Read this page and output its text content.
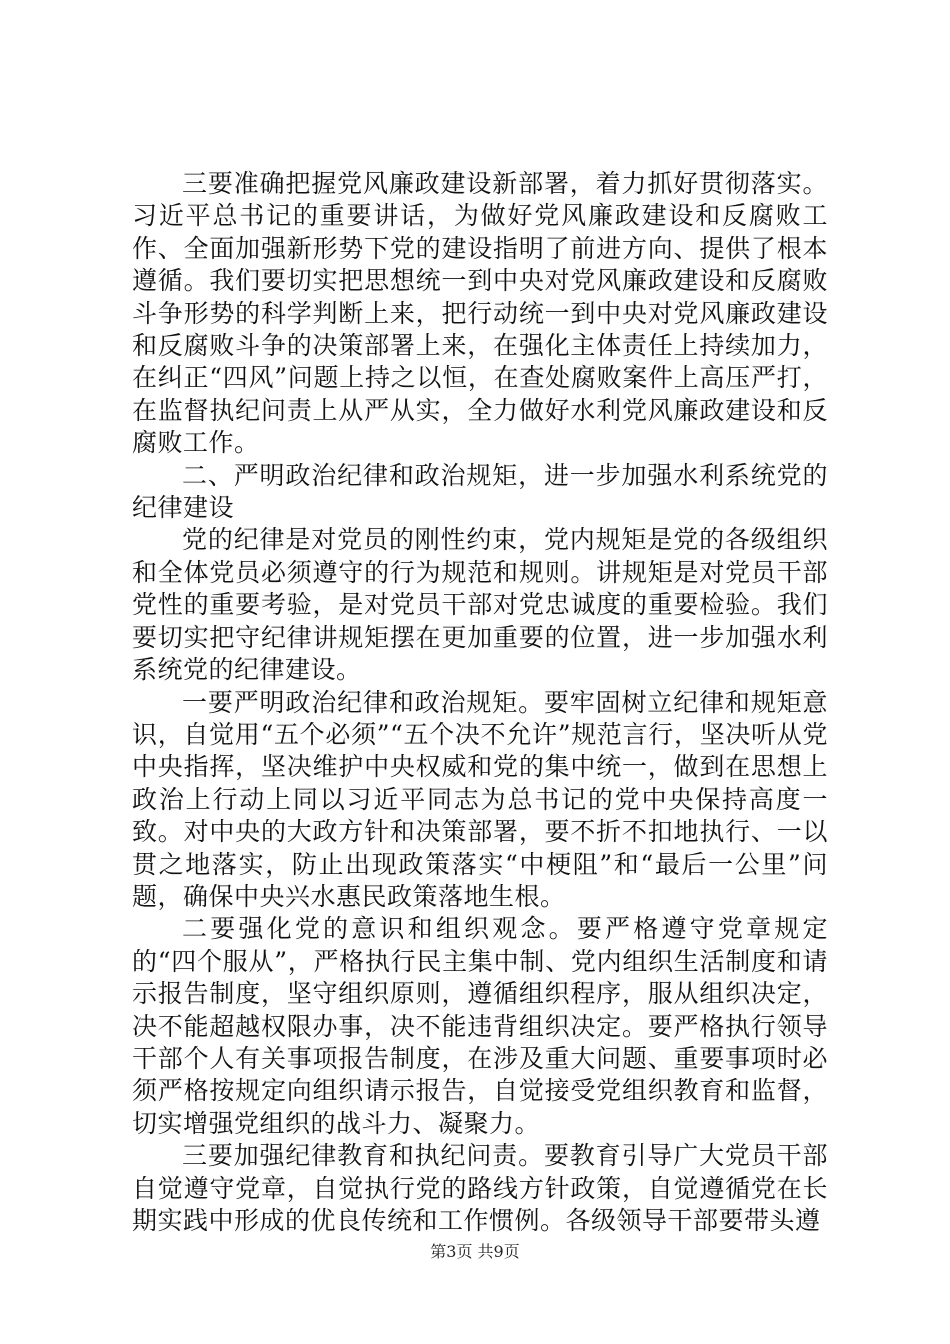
三要准确把握党风廉政建设新部署，着力抓好贯彻落实。习近平总书记的重要讲话，为做好党风廉政建设和反腐败工作、全面加强新形势下党的建设指明了前进方向、提供了根本遵循。我们要切实把思想统一到中央对党风廉政建设和反腐败斗争形势的科学判断上来，把行动统一到中央对党风廉政建设和反腐败斗争的决策部署上来，在强化主体责任上持续加力，在纠正“四风”问题上持之以恒，在查处腐败案件上高压严打，在监督执纪问责上从严从实，全力做好水利党风廉政建设和反腐败工作。

二、严明政治纪律和政治规矩，进一步加强水利系统党的纪律建设

党的纪律是对党员的刚性约束，党内规矩是党的各级组织和全体党员必须遵守的行为规范和规则。讲规矩是对党员干部党性的重要考验，是对党员干部对党忠诚度的重要检验。我们要切实把守纪律讲规矩摆在更加重要的位置，进一步加强水利系统党的纪律建设。

一要严明政治纪律和政治规矩。要牢固树立纪律和规矩意识，自觉用“五个必须”“五个决不允许”规范言行，坚决听从党中央指挥，坚决维护中央权威和党的集中统一，做到在思想上政治上行动上同以习近平同志为总书记的党中央保持高度一致。对中央的大政方针和决策部署，要不折不扣地执行、一以贯之地落实，防止出现政策落实“中梗阻”和“最后一公里”问题，确保中央兴水惠民政策落地生根。

二要强化党的意识和组织观念。要严格遵守党章规定的“四个服从”，严格执行民主集中制、党内组织生活制度和请示报告制度，坚守组织原则，遵循组织程序，服从组织决定，决不能超越权限办事，决不能违背组织决定。要严格执行领导干部个人有关事项报告制度，在涉及重大问题、重要事项时必须严格按规定向组织请示报告，自觉接受党组织教育和监督，切实增强党组织的战斗力、凝聚力。

三要加强纪律教育和执纪问责。要教育引导广大党员干部自觉遵守党章，自觉执行党的路线方针政策，自觉遵循党在长期实践中形成的优良传统和工作惯例。各级领导干部要带头遵

第3页 共9页
